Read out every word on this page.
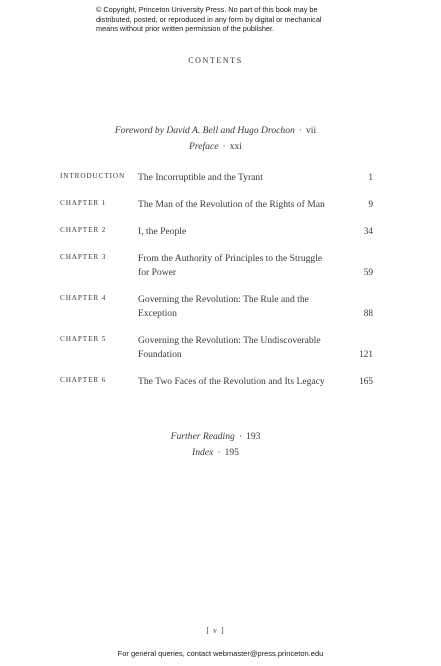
© Copyright, Princeton University Press. No part of this book may be
distributed, posted, or reproduced in any form by digital or mechanical
means without prior written permission of the publisher.
CONTENTS
Foreword by David A. Bell and Hugo Drochon · vii
Preface · xxi
INTRODUCTION The Incorruptible and the Tyrant	1
CHAPTER 1	The Man of the Revolution of the Rights of Man	9
CHAPTER 2	I, the People	34
CHAPTER 3	From the Authority of Principles to the Struggle for Power	59
CHAPTER 4	Governing the Revolution: The Rule and the Exception	88
CHAPTER 5	Governing the Revolution: The Undiscoverable Foundation	121
CHAPTER 6	The Two Faces of the Revolution and Its Legacy	165
Further Reading · 193
Index · 195
[ v ]
For general queries, contact webmaster@press.princeton.edu
